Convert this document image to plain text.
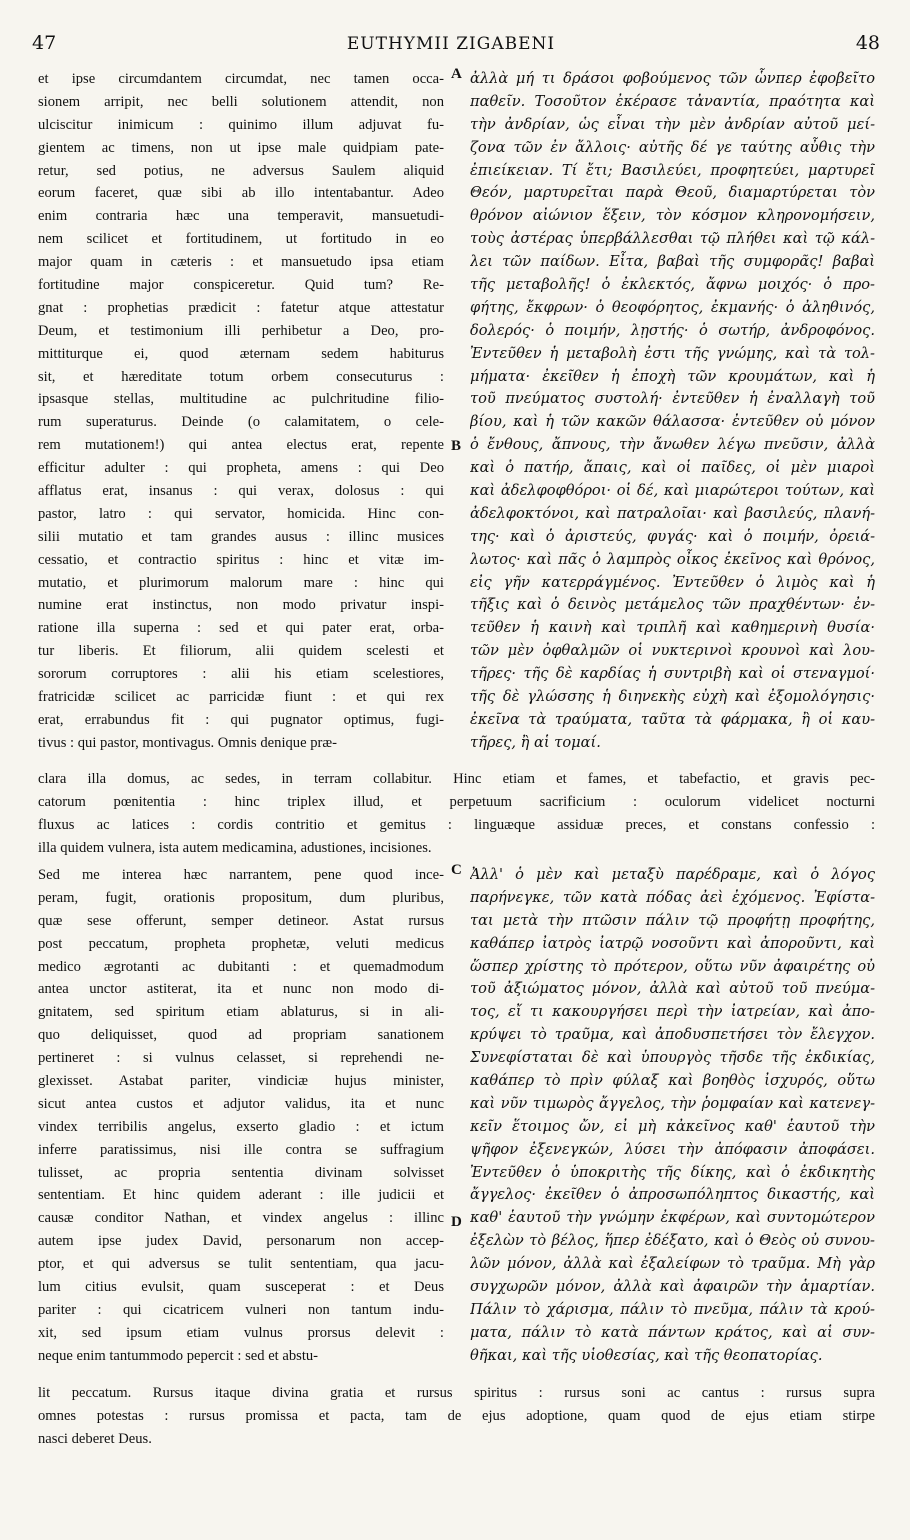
47	EUTHYMII ZIGABENI	48
et ipse circumdantem circumdat, nec tamen occa-
sionem arripit, nec belli solutionem attendit, non
ulciscitur inimicum : quinimo illum adjuvat fu-
gientem ac timens, non ut ipse male quidpiam pate-
retur, sed potius, ne adversus Saulem aliquid
eorum faceret, quæ sibi ab illo intentabantur. Adeo
enim contraria hæc una temperavit, mansuetudi-
nem scilicet et fortitudinem, ut fortitudo in eo
major quam in cæteris : et mansuetudo ipsa etiam
fortitudine major conspiceretur. Quid tum? Re-
gnat : prophetias prædicit : fatetur atque attestatur
Deum, et testimonium illi perhibetur a Deo, pro-
mittiturque ei, quod æternam sedem habiturus
sit, et hæreditate totum orbem consecuturus :
ipsasque stellas, multitudine ac pulchritudine filio-
rum superaturus. Deinde (o calamitatem, o cele-
rem mutationem!) qui antea electus erat, repente
efficitur adulter : qui propheta, amens : qui Deo
afflatus erat, insanus : qui verax, dolosus : qui
pastor, latro : qui servator, homicida. Hinc con-
silii mutatio et tam grandes ausus : illinc musices
cessatio, et contractio spiritus : hinc et vitæ im-
mutatio, et plurimorum malorum mare : hinc qui
numine erat instinctus, non modo privatur inspi-
ratione illa superna : sed et qui pater erat, orba-
tur liberis. Et filiorum, alii quidem scelesti et
sororum corruptores : alii his etiam scelestiores,
fratricidæ scilicet ac parricidæ fiunt : et qui rex
erat, errabundus fit : qui pugnator optimus, fugi-
tivus : qui pastor, montivagus. Omnis denique præ-
ἀλλὰ μή τι δράσοι φοβούμενος τῶν ὧνπερ ἐφοβεῖτο
παθεῖν. Τοσοῦτον ἐκέρασε τἀναντία, πραότητα καὶ
τὴν ἀνδρίαν, ὡς εἶναι τὴν μὲν ἀνδρίαν αὐτοῦ μεί-
ζονα τῶν ἐν ἄλλοις· αὐτῆς δέ γε ταύτης αὖθις τὴν
ἐπιείκειαν. Τί ἔτι; Βασιλεύει, προφητεύει, μαρτυρεῖ
Θεόν, μαρτυρεῖται παρὰ Θεοῦ, διαμαρτύρεται τὸν
θρόνον αἰώνιον ἕξειν, τὸν κόσμον κληρονομήσειν,
τοὺς ἀστέρας ὑπερβάλλεσθαι τῷ πλήθει καὶ τῷ κάλ-
λει τῶν παίδων. Εἶτα, βαβαὶ τῆς συμφορᾶς! βαβαὶ
τῆς μεταβολῆς! ὁ ἐκλεκτός, ἄφνω μοιχός· ὁ προ-
φήτης, ἔκφρων· ὁ θεοφόρητος, ἐκμανής· ὁ ἀληθινός,
δολερός· ὁ ποιμήν, λῃστής· ὁ σωτήρ, ἀνδροφόνος.
Ἐντεῦθεν ἡ μεταβολὴ ἐστι τῆς γνώμης, καὶ τὰ τολ-
μήματα· ἐκεῖθεν ἡ ἐποχὴ τῶν κρουμάτων, καὶ ἡ
τοῦ πνεύματος συστολή· ἐντεῦθεν ἡ ἐναλλαγὴ τοῦ
βίου, καὶ ἡ τῶν κακῶν θάλασσα· ἐντεῦθεν οὐ μόνον
ὁ ἔνθους, ἄπνους, τὴν ἄνωθεν λέγω πνεῦσιν, ἀλλὰ
καὶ ὁ πατήρ, ἄπαις, καὶ οἱ παῖδες, οἱ μὲν μιαροὶ
καὶ ἀδελφοφθόροι· οἱ δέ, καὶ μιαρώτεροι τούτων, καὶ
ἀδελφοκτόνοι, καὶ πατραλοῖαι· καὶ βασιλεύς, πλανή-
της· καὶ ὁ ἀριστεύς, φυγάς· καὶ ὁ ποιμήν, ὀρειά-
λωτος· καὶ πᾶς ὁ λαμπρὸς οἶκος ἐκεῖνος καὶ θρόνος,
εἰς γῆν κατερράγμένος. Ἐντεῦθεν ὁ λιμὸς καὶ ἡ
τῆξις καὶ ὁ δεινὸς μετάμελος τῶν πραχθέντων· ἐν-
τεῦθεν ἡ καινὴ καὶ τριπλῆ καὶ καθημερινὴ θυσία·
τῶν μὲν ὀφθαλμῶν οἱ νυκτερινοὶ κρουνοὶ καὶ λου-
τῆρες· τῆς δὲ καρδίας ἡ συντριβὴ καὶ οἱ στεναγμοί·
τῆς δὲ γλώσσης ἡ διηνεκὴς εὐχὴ καὶ ἐξομολόγησις·
ἐκεῖνα τὰ τραύματα, ταῦτα τὰ φάρμακα, ἢ οἱ καυ-
τῆρες, ἢ αἱ τομαί.
clara illa domus, ac sedes, in terram collabitur. Hinc etiam et fames, et tabefactio, et gravis pec-
catorum pœnitentia : hinc triplex illud, et perpetuum sacrificium : oculorum videlicet nocturni
fluxus ac latices : cordis contritio et gemitus : linguæque assiduæ preces, et constans confessio :
illa quidem vulnera, ista autem medicamina, adustiones, incisiones.
Sed me interea hæc narrantem, pene quod ince-
peram, fugit, orationis propositum, dum pluribus,
quæ sese offerunt, semper detineor. Astat rursus
post peccatum, propheta prophetæ, veluti medicus
medico ægrotanti ac dubitanti : et quemadmodum
antea unctor astiterat, ita et nunc non modo di-
gnitatem, sed spiritum etiam ablaturus, si in ali-
quo deliquisset, quod ad propriam sanationem
pertineret : si vulnus celasset, si reprehendi ne-
glexisset. Astabat pariter, vindiciæ hujus minister,
sicut antea custos et adjutor validus, ita et nunc
vindex terribilis angelus, exserto gladio : et ictum
inferre paratissimus, nisi ille contra se suffragium
tulisset, ac propria sententia divinam solvisset
sententiam. Et hinc quidem aderant : ille judicii et
causæ conditor Nathan, et vindex angelus : illinc
autem ipse judex David, personarum non accep-
ptor, et qui adversus se tulit sententiam, qua jacu-
lum citius evulsit, quam susceperat : et Deus
pariter : qui cicatricem vulneri non tantum indu-
xit, sed ipsum etiam vulnus prorsus delevit :
neque enim tantummodo pepercit : sed et abstu-
Ἀλλ' ὁ μὲν καὶ μεταξὺ παρέδραμε, καὶ ὁ λόγος
παρήνεγκε, τῶν κατὰ πόδας ἀεὶ ἐχόμενος. Ἐφίστα-
ται μετὰ τὴν πτῶσιν πάλιν τῷ προφήτῃ προφήτης,
καθάπερ ἰατρὸς ἰατρῷ νοσοῦντι καὶ ἀποροῦντι, καὶ
ὥσπερ χρίστης τὸ πρότερον, οὕτω νῦν ἀφαιρέτης οὐ
τοῦ ἀξιώματος μόνον, ἀλλὰ καὶ αὐτοῦ τοῦ πνεύμα-
τος, εἴ τι κακουργήσει περὶ τὴν ἰατρείαν, καὶ ἀπο-
κρύψει τὸ τραῦμα, καὶ ἀποδυσπετήσει τὸν ἔλεγχον.
Συνεφίσταται δὲ καὶ ὑπουργὸς τῆσδε τῆς ἐκδικίας,
καθάπερ τὸ πρὶν φύλαξ καὶ βοηθὸς ἰσχυρός, οὕτω
καὶ νῦν τιμωρὸς ἄγγελος, τὴν ῥομφαίαν καὶ κατενεγ-
κεῖν ἕτοιμος ὤν, εἰ μὴ κἀκεῖνος καθ' ἑαυτοῦ τὴν
ψῆφον ἐξενεγκών, λύσει τὴν ἀπόφασιν ἀποφάσει.
Ἐντεῦθεν ὁ ὑποκριτὴς τῆς δίκης, καὶ ὁ ἐκδικητὴς
ἄγγελος· ἐκεῖθεν ὁ ἀπροσωπόληπτος δικαστής, καὶ
καθ' ἑαυτοῦ τὴν γνώμην ἐκφέρων, καὶ συντομώτερον
ἐξελὼν τὸ βέλος, ἥπερ ἐδέξατο, καὶ ὁ Θεὸς οὐ συνου-
λῶν μόνον, ἀλλὰ καὶ ἐξαλείφων τὸ τραῦμα. Μὴ γὰρ
συγχωρῶν μόνον, ἀλλὰ καὶ ἀφαιρῶν τὴν ἁμαρτίαν.
Πάλιν τὸ χάρισμα, πάλιν τὸ πνεῦμα, πάλιν τὰ κρού-
ματα, πάλιν τὸ κατὰ πάντων κράτος, καὶ αἱ συν-
θῆκαι, καὶ τῆς υἱοθεσίας, καὶ τῆς θεοπατορίας.
lit peccatum. Rursus itaque divina gratia et rursus spiritus : rursus soni ac cantus : rursus supra
omnes potestas : rursus promissa et pacta, tam de ejus adoptione, quam quod de ejus etiam stirpe
nasci deberet Deus.
A
B
C
D
